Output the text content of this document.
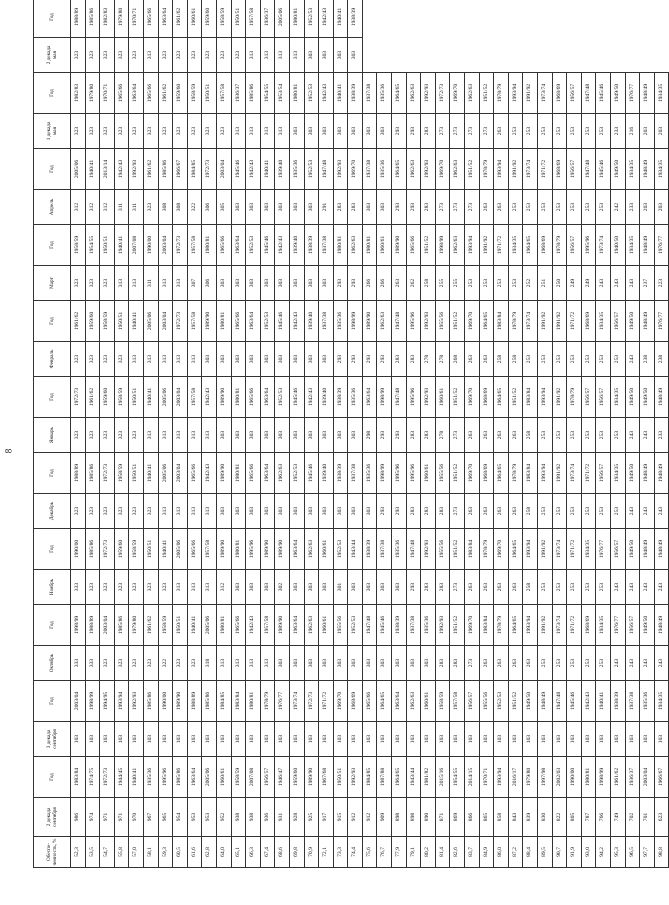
8
Обеспе-
ченность, %	2 декада
сентября	Год	3 декада
сентября	Год	Октябрь	Год	Ноябрь	Год	Декабрь	Год	Январь	Год	Февраль	Год	Март	Год	Апрель	Год	1 декада
мая	Год	2 декада
мая	Год
52,3	986	1983/84	103	2003/04	333	1998/99	333	1990/00	323	1988/89	323	1972/73	323	1961/62	323	1958/59	312	2005/06	323	1982/83	323	1988/89
53,5	974	1974/75	103	1998/99	333	1988/89	323	1985/86	323	1985/86	323	1961/62	323	1959/60	323	1954/55	312	1940/41	323	1979/80	323	1985/86
54,7	971	1972/73	103	1994/95	323	2003/04	323	1972/73	323	1972/73	323	1959/60	323	1958/59	323	1950/51	312	2013/14	323	1970/71	323	1982/83
55,8	971	1944/45	103	1993/94	323	1985/86	323	1959/60	323	1958/59	323	1958/59	323	1950/51	313	1940/41	311	1942/43	323	1965/66	323	1979/80
57,0	970	1940/41	103	1992/93	323	1979/80	323	1958/59	323	1950/51	323	1950/51	313	1940/41	313	2007/08	311	1992/93	323	1963/64	323	1970/71
58,1	967	1935/36	103	1985/86	323	1961/62	323	1950/51	323	1940/41	313	1940/41	313	2005/06	311	1990/00	323	1961/62	323	1965/66	313	1965/66
59,3	965	1995/96	103	1990/00	322	1958/59	323	1940/41	313	2005/06	313	2005/06	313	2003/04	313	2003/04	308	1985/86	323	1961/62	323	1963/64
60,5	954	1985/86	103	1989/90	323	1950/51	313	2005/06	313	2003/04	313	2003/04	313	1972/73	313	1972/73	308	1966/67	323	1959/60	323	1961/62
61,6	953	1963/64	103	1988/89	323	1940/41	313	1965/66	313	1965/66	313	1957/58	313	1957/58	307	1957/58	322	1984/85	323	1958/59	323	1960/61
62,8	953	2005/06	103	1985/86	318	2005/06	313	1957/58	313	1942/43	313	1942/43	303	1989/90	306	1980/81	306	1972/73	323	1950/51	323	1959/60
64,0	952	1960/61	103	1984/85	313	1980/81	312	1989/90	303	1989/90	303	1989/90	303	1980/81	303	1965/66	305	2003/04	323	1957/58	323	1958/59
65,1	938	1958/59	103	1983/84	313	1965/66	303	1980/81	303	1980/81	303	1980/81	303	1965/66	303	1963/64	303	1945/46	313	1936/37	323	1950/51
66,3	938	2007/08	103	1980/81	313	1942/43	303	1995/96	303	1965/66	303	1965/66	303	1963/64	303	1952/53	303	1942/43	313	1985/86	313	1957/58
67,4	936	1956/57	103	1978/79	313	1957/58	303	1989/90	303	1963/64	303	1963/64	303	1952/53	303	1945/46	303	1940/41	313	1954/55	313	1936/37
68,6	931	1946/47	103	1976/77	303	1989/90	302	1989/90	303	1962/63	303	1952/53	303	1945/46	303	1942/43	303	1939/40	313	1953/54	313	2005/06
69,8	928	1959/60	103	1973/74	303	1963/64	303	1963/64	303	1952/53	303	1945/46	303	1942/43	303	1939/40	303	1935/36	303	1980/81	313	1980/81
70,9	925	1989/90	103	1972/73	303	1962/63	303	1962/63	303	1945/46	303	1942/43	303	1939/40	303	1938/39	303	1952/53	303	1952/53	303	1952/53
72,1	917	1967/68	103	1971/72	303	1960/61	303	1960/61	303	1939/40	303	1939/40	303	1937/38	303	1937/38	291	1947/48	303	1942/43	303	1942/43
73,3	915	1950/51	103	1969/70	303	1955/56	301	1952/53	303	1938/39	303	1938/39	293	1935/36	293	1980/81	283	1992/93	303	1940/41	303	1940/41
74,4	912	1992/93	103	1968/69	303	1952/53	303	1943/44	303	1937/38	303	1935/36	293	1998/99	293	1962/63	283	1969/70	303	1938/39	303	1938/39
75,6	912	1984/85	103	1965/66	303	1947/48	303	1938/39	303	1935/36	298	1963/64	293	1989/90	266	1980/81	303	1937/38	303	1937/38		
76,7	909	1987/88	103	1964/65	303	1945/46	303	1937/38	293	1998/99	293	1998/99	293	1962/63	266	1960/61	303	1935/36	303	1935/36		
77,9	898	1964/65	103	1963/64	303	1938/39	303	1935/36	293	1995/96	293	1947/48	283	1947/48	263	1989/90	293	1964/65	293	1964/65		
79,1	898	1943/44	103	1962/63	303	1937/38	293	1947/48	283	1995/96	283	1995/96	283	1995/96	262	1965/66	293	1962/63	293	1962/63		
80,2	890	1981/82	103	1960/61	303	1935/36	283	1992/93	283	1960/61	283	1992/93	278	1992/93	258	1951/52	283	1992/93	283	1992/93		
81,4	871	2015/16	103	1958/59	283	1992/93	283	1955/56	283	1955/56	278	1960/61	278	1955/56	255	1998/99	273	1969/70	273	1972/73		
82,6	869	1954/55	103	1957/58	283	1951/52	273	1951/52	273	1951/52	273	1951/52	268	1951/52	255	1962/63	273	1962/63	273	1969/70		
83,7	866	2014/15	103	1956/57	273	1969/70	263	1983/84	263	1969/70	263	1969/70	263	1969/70	253	1993/94	273	1951/52	273	1962/63		
84,9	865	1970/71	103	1955/56	263	1983/84	263	1978/79	263	1968/69	263	1968/69	263	1964/65	253	1991/92	263	1978/79	273	1951/52		
86,0	858	1993/94	103	1952/53	263	1978/79	263	1969/70	263	1964/65	263	1964/65	258	1983/84	253	1971/72	263	1993/94	263	1978/79		
87,2	843	2016/17	103	1951/52	263	1964/65	263	1964/65	263	1978/79	263	1951/52	258	1978/79	253	1934/35	253	1991/92	253	1993/94		
88,4	839	1979/80	103	1949/50	263	1993/94	258	1993/94	258	1983/84	258	1983/84	253	1973/74	252	1964/65	253	1973/74	253	1991/92		
89,5	830	1997/98	103	1948/49	253	1991/92	253	1991/92	253	1993/94	253	1993/94	253	1991/92	251	1968/69	253	1971/72	253	1973/74		
90,7	822	2002/03	103	1947/48	253	1973/74	253	1973/74	253	1991/92	253	1991/92	253	1991/92	250	1978/79	253	1968/69	253	1968/69		
91,9	805	1990/00	103	1945/46	253	1971/72	253	1971/72	253	1973/74	253	1978/79	253	1971/72	249	1956/57	253	1956/57	253	1956/57		
93,0	787	1980/81	103	1942/43	253	1968/69	253	1934/35	253	1971/72	253	1956/57	253	1968/69	249	1995/96	253	1947/48	253	1947/48		
94,2	766	1998/99	103	1940/41	253	1934/35	253	1976/77	253	1956/57	253	1956/57	253	1934/35	243	1973/74	253	1945/46	253	1945/46		
95,3	749	1961/62	103	1938/39	243	1976/77	243	1956/57	253	1934/35	253	1934/35	253	1956/57	243	1940/50	242	1949/50	233	1949/50		
96,5	702	1936/37	103	1937/38	243	1956/57	243	1949/50	243	1949/50	243	1949/50	243	1949/50	243	1934/35	233	1934/35	216	1976/77		
97,7	701	2003/04	103	1935/36	243	1949/50	243	1948/49	243	1948/49	243	1949/50	238	1948/49	237	1948/49	203	1948/49	203	1948/49		
98,8	623	1966/67	103	1934/35	243	1948/49	243	1948/49	243	1948/49	233	1948/49	238	1976/77	223	1976/77	203	1934/35	203	1934/35		
